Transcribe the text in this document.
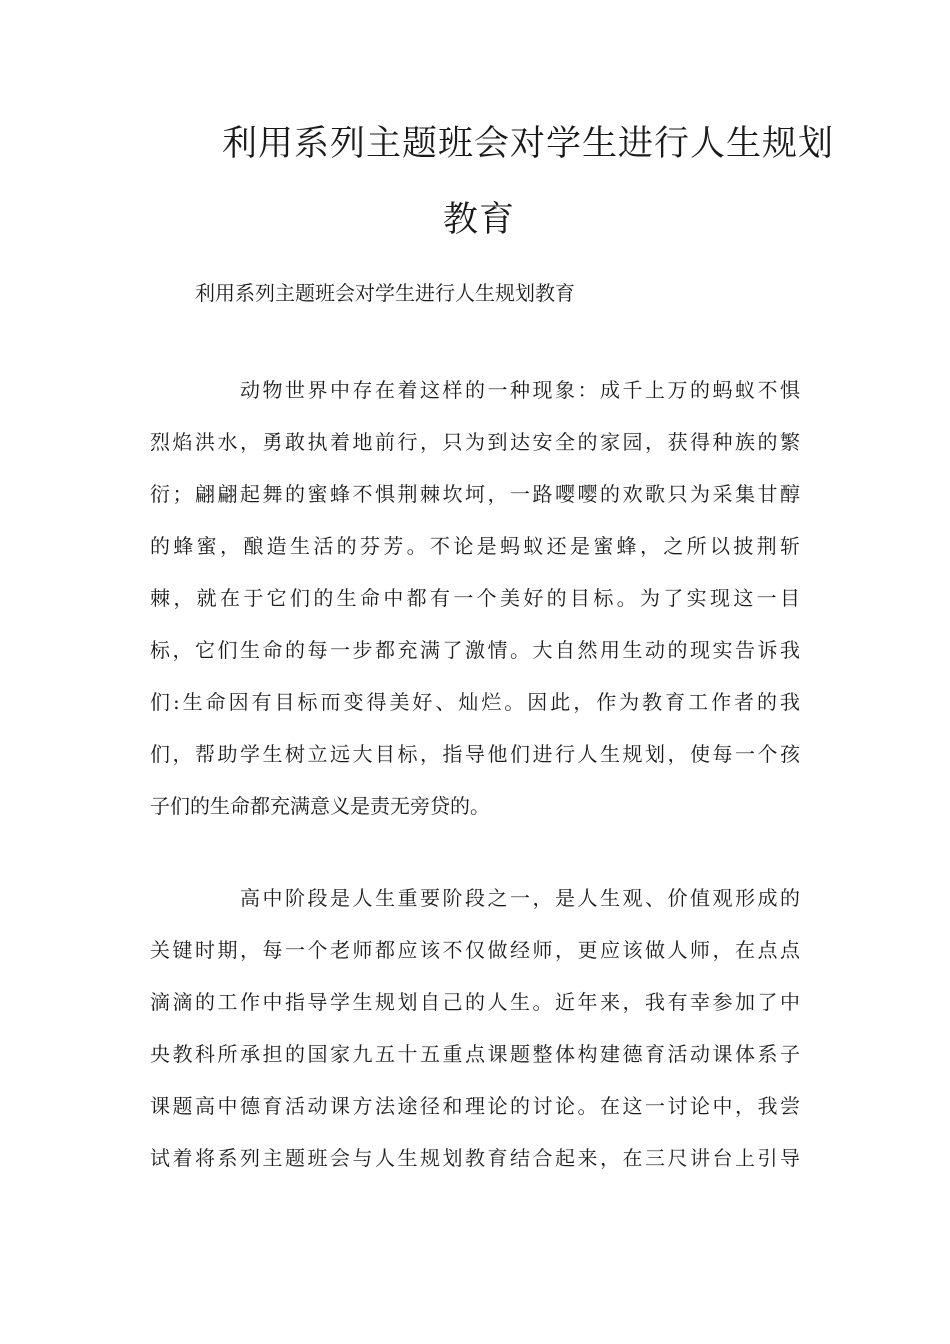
利用系列主题班会对学生进行人生规划
教育

利用系列主题班会对学生进行人生规划教育

动物世界中存在着这样的一种现象：成千上万的蚂蚁不惧
烈焰洪水，勇敢执着地前行，只为到达安全的家园，获得种族的繁
衍；翩翩起舞的蜜蜂不惧荆棘坎坷，一路嘤嘤的欢歌只为采集甘醇
的蜂蜜，酿造生活的芬芳。不论是蚂蚁还是蜜蜂，之所以披荆斩
棘，就在于它们的生命中都有一个美好的目标。为了实现这一目
标，它们生命的每一步都充满了激情。大自然用生动的现实告诉我
们:生命因有目标而变得美好、灿烂。因此，作为教育工作者的我
们，帮助学生树立远大目标，指导他们进行人生规划，使每一个孩
子们的生命都充满意义是责无旁贷的。
高中阶段是人生重要阶段之一，是人生观、价值观形成的
关键时期，每一个老师都应该不仅做经师，更应该做人师，在点点
滴滴的工作中指导学生规划自己的人生。近年来，我有幸参加了中
央教科所承担的国家九五十五重点课题整体构建德育活动课体系子
课题高中德育活动课方法途径和理论的讨论。在这一讨论中，我尝
试着将系列主题班会与人生规划教育结合起来，在三尺讲台上引导
